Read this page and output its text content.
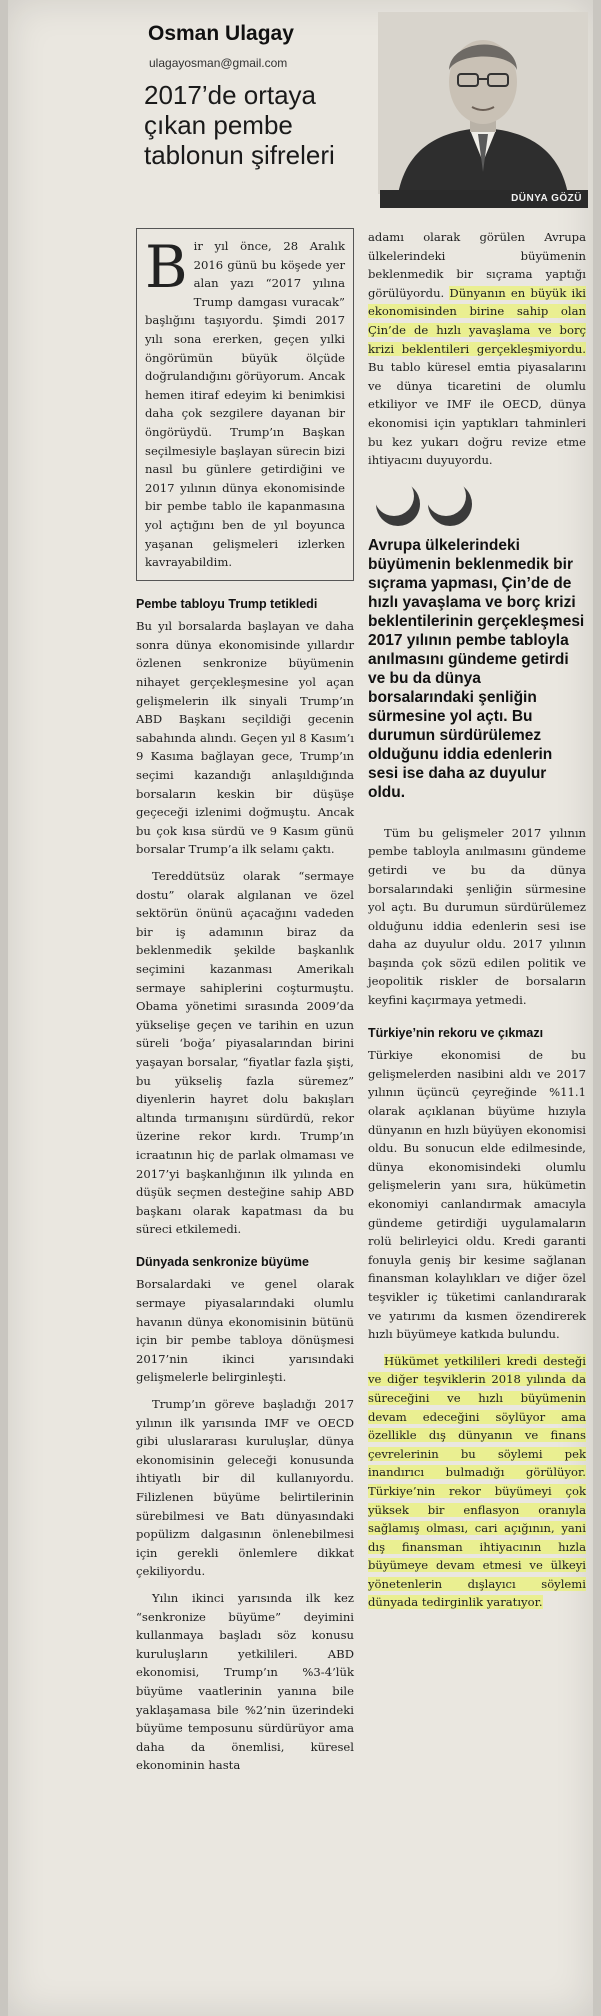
Osman Ulagay
ulagayosman@gmail.com
2017’de ortaya çıkan pembe tablonun şifreleri
DÜNYA GÖZÜ
B ir yıl önce, 28 Aralık 2016 günü bu köşede yer alan yazı “2017 yılına Trump damgası vuracak” başlığını taşıyordu. Şimdi 2017 yılı sona ererken, geçen yılki öngörümün büyük ölçüde doğrulandığını görüyorum. Ancak hemen itiraf edeyim ki benimkisi daha çok sezgilere dayanan bir öngörüydü. Trump’ın Başkan seçilmesiyle başlayan sürecin bizi nasıl bu günlere getirdiğini ve 2017 yılının dünya ekonomisinde bir pembe tablo ile kapanmasına yol açtığını ben de yıl boyunca yaşanan gelişmeleri izlerken kavrayabildim.

Pembe tabloyu Trump tetikledi

Bu yıl borsalarda başlayan ve daha sonra dünya ekonomisinde yıllardır özlenen senkronize büyümenin nihayet gerçekleşmesine yol açan gelişmelerin ilk sinyali Trump’ın ABD Başkanı seçildiği gecenin sabahında alındı. Geçen yıl 8 Kasım’ı 9 Kasıma bağlayan gece, Trump’ın seçimi kazandığı anlaşıldığında borsaların keskin bir düşüşe geçeceği izlenimi doğmuştu. Ancak bu çok kısa sürdü ve 9 Kasım günü borsalar Trump’a ilk selamı çaktı.

Tereddütsüz olarak “sermaye dostu” olarak algılanan ve özel sektörün önünü açacağını vadeden bir iş adamının biraz da beklenmedik şekilde başkanlık seçimini kazanması Amerikalı sermaye sahiplerini coşturmuştu. Obama yönetimi sırasında 2009’da yükselişe geçen ve tarihin en uzun süreli ‘boğa’ piyasalarından birini yaşayan borsalar, “fiyatlar fazla şişti, bu yükseliş fazla süremez” diyenlerin hayret dolu bakışları altında tırmanışını sürdürdü, rekor üzerine rekor kırdı. Trump’ın icraatının hiç de parlak olmaması ve 2017’yi başkanlığının ilk yılında en düşük seçmen desteğine sahip ABD başkanı olarak kapatması da bu süreci etkilemedi.

Dünyada senkronize büyüme

Borsalardaki ve genel olarak sermaye piyasalarındaki olumlu havanın dünya ekonomisinin bütünü için bir pembe tabloya dönüşmesi 2017’nin ikinci yarısındaki gelişmelerle belirginleşti.

Trump’ın göreve başladığı 2017 yılının ilk yarısında IMF ve OECD gibi uluslararası kuruluşlar, dünya ekonomisinin geleceği konusunda ihtiyatlı bir dil kullanıyordu. Filizlenen büyüme belirtilerinin sürebilmesi ve Batı dünyasındaki popülizm dalgasının önlenebilmesi için gerekli önlemlere dikkat çekiliyordu.

Yılın ikinci yarısında ilk kez “senkronize büyüme” deyimini kullanmaya başladı söz konusu kuruluşların yetkilileri. ABD ekonomisi, Trump’ın %3-4’lük büyüme vaatlerinin yanına bile yaklaşamasa bile %2’nin üzerindeki büyüme temposunu sürdürüyor ama daha da önemlisi, küresel ekonominin hasta

adamı olarak görülen Avrupa ülkelerindeki büyümenin beklenmedik bir sıçrama yaptığı görülüyordu. Dünyanın en büyük iki ekonomisinden birine sahip olan Çin’de de hızlı yavaşlama ve borç krizi beklentileri gerçekleşmiyordu. Bu tablo küresel emtia piyasalarını ve dünya ticaretini de olumlu etkiliyor ve IMF ile OECD, dünya ekonomisi için yaptıkları tahminleri bu kez yukarı doğru revize etme ihtiyacını duyuyordu.

Avrupa ülkelerindeki büyümenin beklenmedik bir sıçrama yapması, Çin’de de hızlı yavaşlama ve borç krizi beklentilerinin gerçekleşmesi 2017 yılının pembe tabloyla anılmasını gündeme getirdi ve bu da dünya borsalarındaki şenliğin sürmesine yol açtı. Bu durumun sürdürülemez olduğunu iddia edenlerin sesi ise daha az duyulur oldu.

Tüm bu gelişmeler 2017 yılının pembe tabloyla anılmasını gündeme getirdi ve bu da dünya borsalarındaki şenliğin sürmesine yol açtı. Bu durumun sürdürülemez olduğunu iddia edenlerin sesi ise daha az duyulur oldu. 2017 yılının başında çok sözü edilen politik ve jeopolitik riskler de borsaların keyfini kaçırmaya yetmedi.

Türkiye’nin rekoru ve çıkmazı

Türkiye ekonomisi de bu gelişmelerden nasibini aldı ve 2017 yılının üçüncü çeyreğinde %11.1 olarak açıklanan büyüme hızıyla dünyanın en hızlı büyüyen ekonomisi oldu. Bu sonucun elde edilmesinde, dünya ekonomisindeki olumlu gelişmelerin yanı sıra, hükümetin ekonomiyi canlandırmak amacıyla gündeme getirdiği uygulamaların rolü belirleyici oldu. Kredi garanti fonuyla geniş bir kesime sağlanan finansman kolaylıkları ve diğer özel teşvikler iç tüketimi canlandırarak ve yatırımı da kısmen özendirerek hızlı büyümeye katkıda bulundu.

Hükümet yetkilileri kredi desteği ve diğer teşviklerin 2018 yılında da süreceğini ve hızlı büyümenin devam edeceğini söylüyor ama özellikle dış dünyanın ve finans çevrelerinin bu söylemi pek inandırıcı bulmadığı görülüyor. Türkiye’nin rekor büyümeyi çok yüksek bir enflasyon oranıyla sağlamış olması, cari açığının, yani dış finansman ihtiyacının hızla büyümeye devam etmesi ve ülkeyi yönetenlerin dışlayıcı söylemi dünyada tedirginlik yaratıyor.
